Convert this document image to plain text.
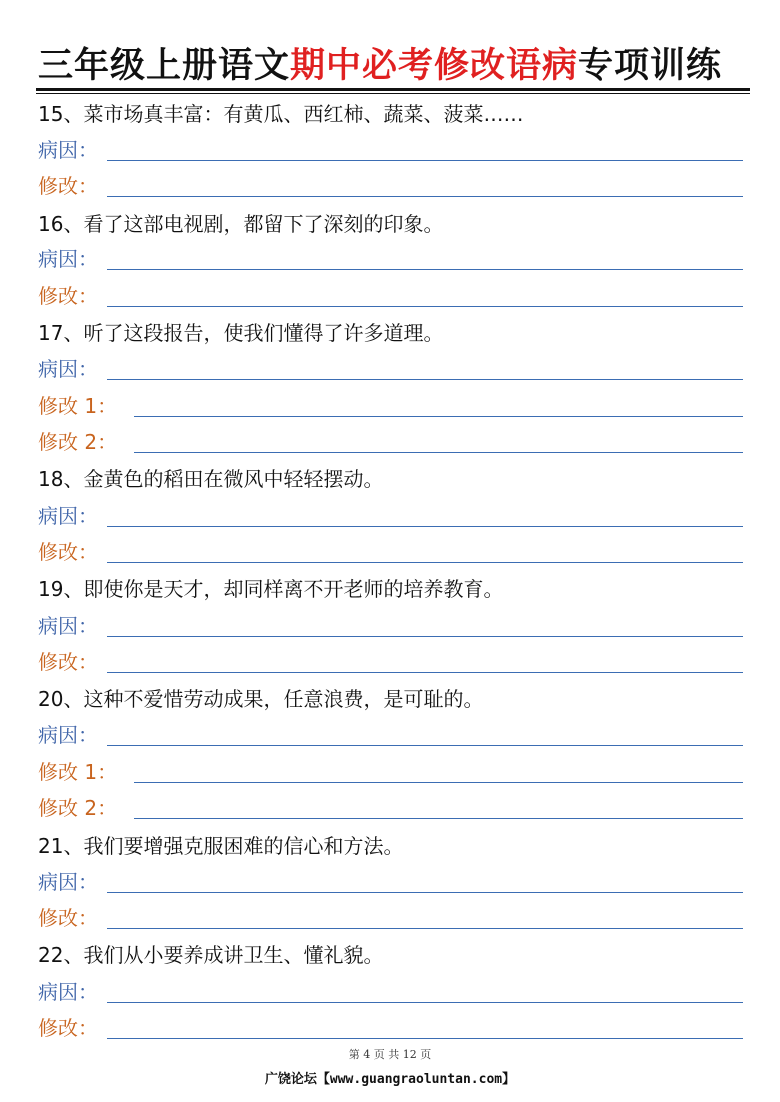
三年级上册语文期中必考修改语病专项训练
15、菜市场真丰富：有黄瓜、西红柿、蔬菜、菠菜……
病因：
修改：
16、看了这部电视剧，都留下了深刻的印象。
病因：
修改：
17、听了这段报告，使我们懂得了许多道理。
病因：
修改 1：
修改 2：
18、金黄色的稻田在微风中轻轻摆动。
病因：
修改：
19、即使你是天才，却同样离不开老师的培养教育。
病因：
修改：
20、这种不爱惜劳动成果，任意浪费，是可耻的。
病因：
修改 1：
修改 2：
21、我们要增强克服困难的信心和方法。
病因：
修改：
22、我们从小要养成讲卫生、懂礼貌。
病因：
修改：
第 4 页 共 12 页
广饶论坛【www.guangraoluntan.com】
